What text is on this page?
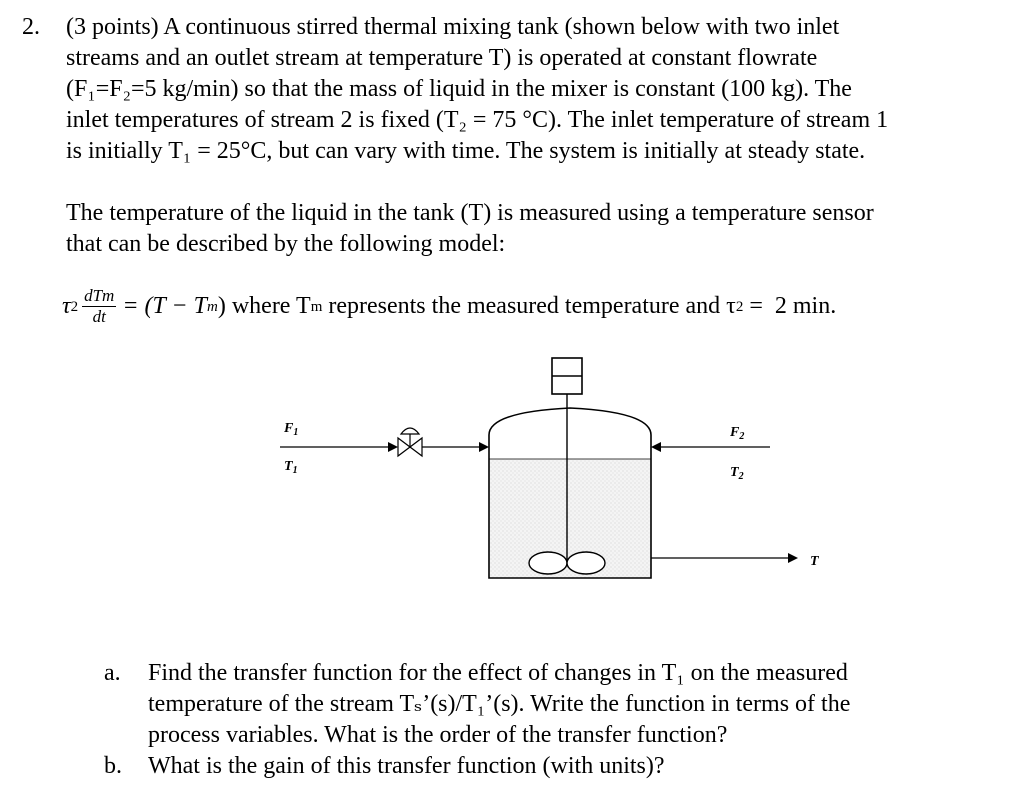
2. (3 points) A continuous stirred thermal mixing tank (shown below with two inlet
streams and an outlet stream at temperature T) is operated at constant flowrate
(F₁=F₂=5 kg/min) so that the mass of liquid in the mixer is constant (100 kg). The
inlet temperatures of stream 2 is fixed (T₂ = 75 °C). The inlet temperature of stream 1
is initially T₁ = 25°C, but can vary with time. The system is initially at steady state.
The temperature of the liquid in the tank (T) is measured using a temperature sensor
that can be described by the following model:
τ $2 \frac{\text{dTm}}{dt} = (T - T$ m ) where T m represents the measured temperature and τ 2 =  2 min.
$F_1$
$T_1$
$F_2$
$T_2$
T
a. Find the transfer function for the effect of changes in T₁ on the measured
temperature of the stream Tₛ’(s)/T₁’(s). Write the function in terms of the
process variables. What is the order of the transfer function?
b. What is the gain of this transfer function (with units)?
